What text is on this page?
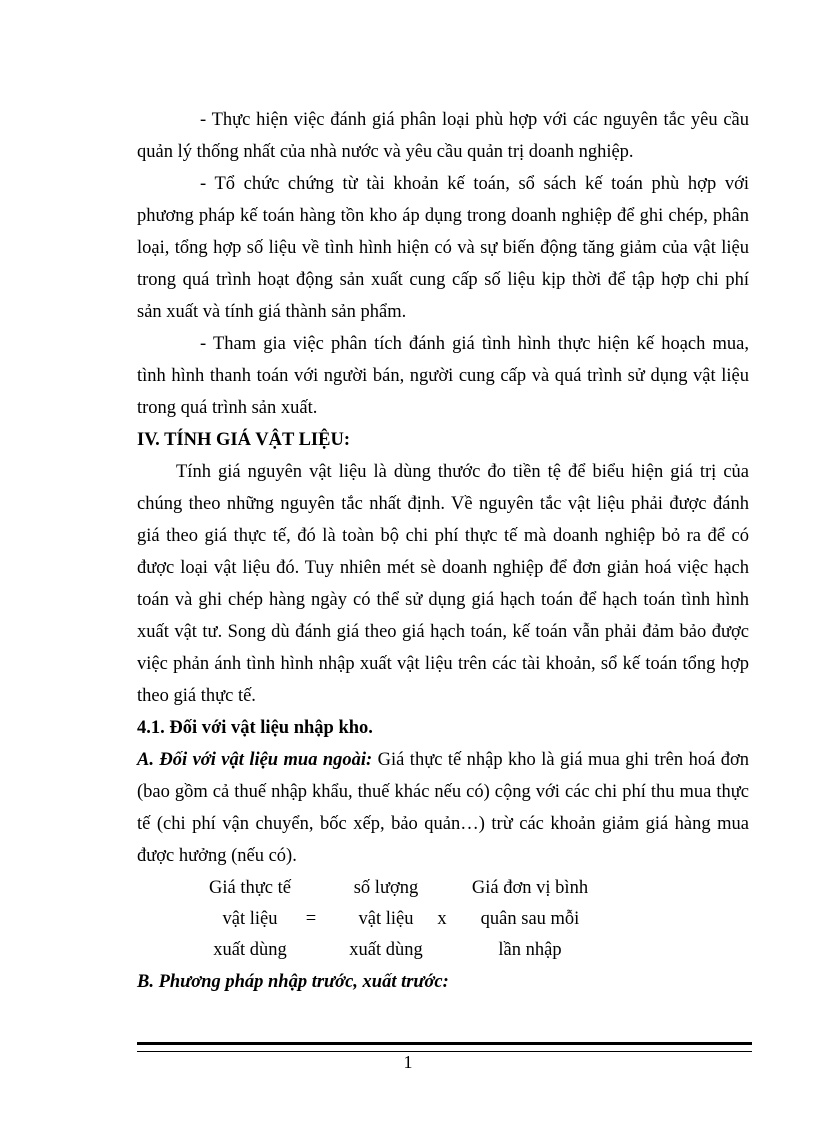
- Thực hiện việc đánh giá phân loại phù hợp với các nguyên tắc yêu cầu
quản lý thống nhất của nhà nước và yêu cầu quản trị doanh nghiệp.
- Tổ chức chứng từ tài khoản kế toán, sổ sách kế toán phù hợp với
phương pháp kế toán hàng tồn kho áp dụng trong doanh nghiệp để ghi chép, phân
loại, tổng hợp số liệu về tình hình hiện có và sự biến động tăng giảm của vật liệu
trong quá trình hoạt động sản xuất cung cấp số liệu kịp thời để tập hợp chi phí
sản xuất và tính giá thành sản phẩm.
- Tham gia việc phân tích đánh giá tình hình thực hiện kế hoạch mua,
tình hình thanh toán với người bán, người cung cấp và quá trình sử dụng vật liệu
trong quá trình sản xuất.
IV. TÍNH GIÁ VẬT LIỆU:
Tính giá nguyên vật liệu là dùng thước đo tiền tệ để biểu hiện giá trị của
chúng theo những nguyên tắc nhất định. Về nguyên tắc vật liệu phải được đánh
giá theo giá thực tế, đó là toàn bộ chi phí thực tế mà doanh nghiệp bỏ ra để có
được loại vật liệu đó. Tuy nhiên mét sè doanh nghiệp để đơn giản hoá việc hạch
toán và ghi chép hàng ngày có thể sử dụng giá hạch toán để hạch toán tình hình
xuất vật tư. Song dù đánh giá theo giá hạch toán, kế toán vẫn phải đảm bảo được
việc phản ánh tình hình nhập xuất vật liệu trên các tài khoản, sổ kế toán tổng hợp
theo giá thực tế.
4.1. Đối với vật liệu nhập kho.
A. Đối với vật liệu mua ngoài: Giá thực tế nhập kho là giá mua ghi trên hoá đơn
(bao gồm cả thuế nhập khẩu, thuế khác nếu có) cộng với các chi phí thu mua thực
tế (chi phí vận chuyển, bốc xếp, bảo quản…) trừ các khoản giảm giá hàng mua
được hưởng (nếu có).
Giá thực tế
vật liệu
xuất dùng
=
số lượng
vật liệu
xuất dùng
x
Giá đơn vị bình
quân sau mỗi
lần nhập
B. Phương pháp nhập trước, xuất trước:
1
